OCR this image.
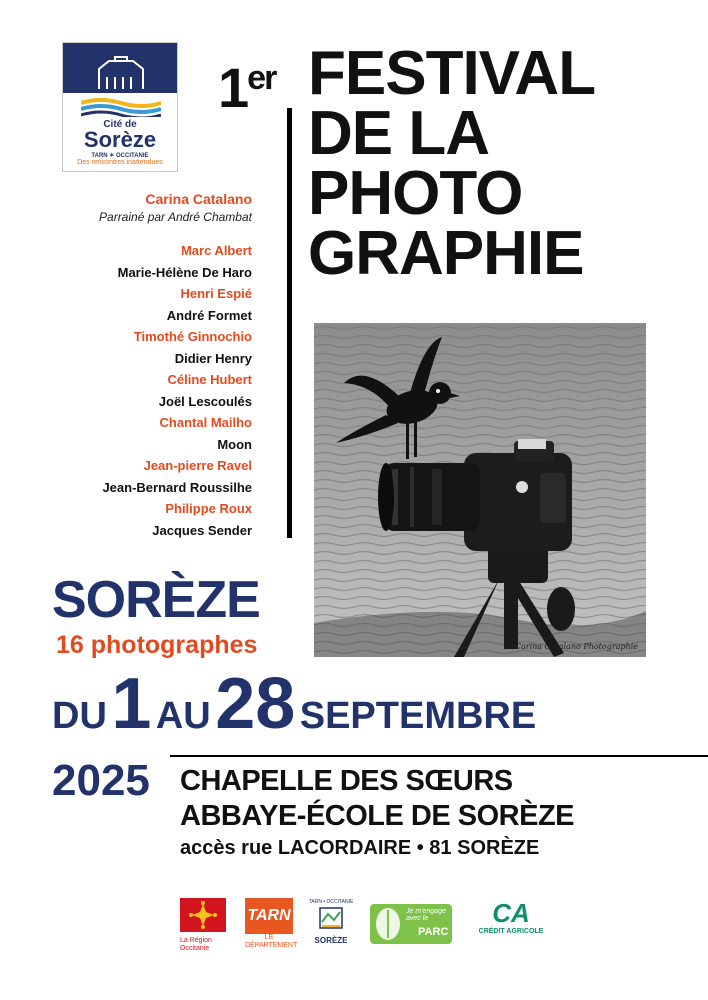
Cité de
Sorèze
TARN ✶ OCCITANIE
Des rencontres inattendues
1er FESTIVAL
DE LA
PHOTO
GRAPHIE
Carina Catalano
Parrainé par André Chambat
Marc Albert
Marie-Hélène De Haro
Henri Espié
André Formet
Timothé Ginnochio
Didier Henry
Céline Hubert
Joël Lescoulés
Chantal Mailho
Moon
Jean-pierre Ravel
Jean-Bernard Roussilhe
Philippe Roux
Jacques Sender
©Carina Catalano Photographie
SORÈZE
16 photographes
DU 1 AU 28 SEPTEMBRE
2025 CHAPELLE DES SŒURS
ABBAYE-ÉCOLE DE SORÈZE
accès rue LACORDAIRE • 81 SORÈZE
La Région Occitanie
TARN
LE DÉPARTEMENT
TARN • OCCITANIE
SORÈZE
Je m'engage avec le
PARC
CA
CRÉDIT AGRICOLE
